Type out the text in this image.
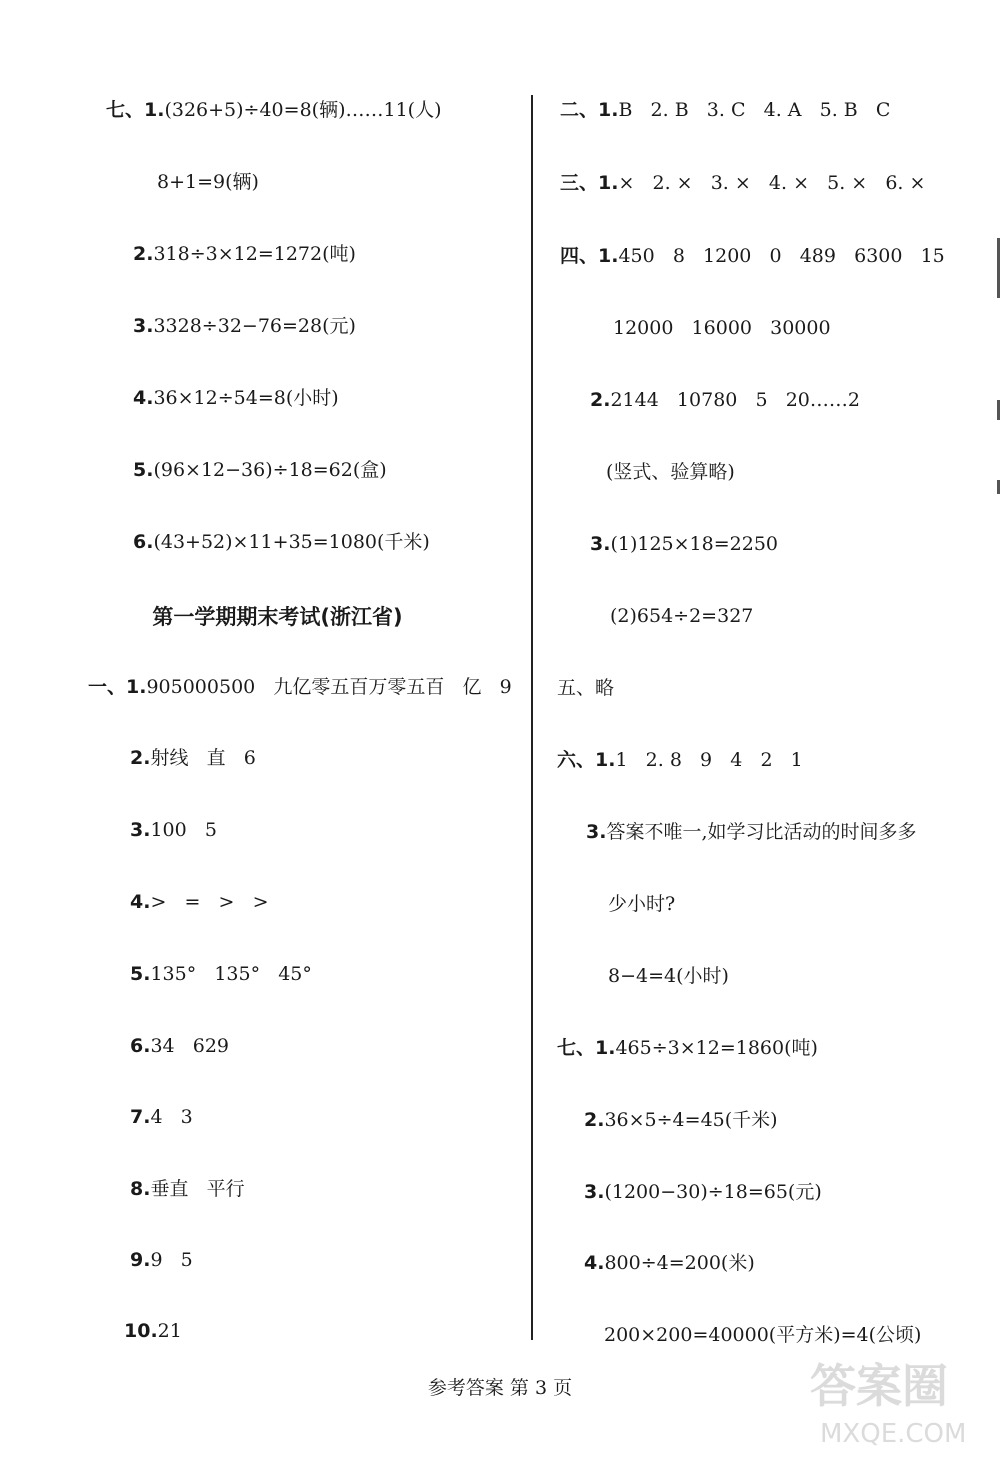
七、1.(326+5)÷40=8(辆)……11(人)
8+1=9(辆)
2.318÷3×12=1272(吨)
3.3328÷32−76=28(元)
4.36×12÷54=8(小时)
5.(96×12−36)÷18=62(盒)
6.(43+52)×11+35=1080(千米)
第一学期期末考试(浙江省)
一、1.905000500   九亿零五百万零五百   亿   9
2.射线   直   6
3.100   5
4.>   =   >   >
5.135°   135°   45°
6.34   629
7.4   3
8.垂直   平行
9.9   5
10.21
二、1.B   2. B   3. C   4. A   5. B   C
三、1.×   2. ×   3. ×   4. ×   5. ×   6. ×
四、1.450   8   1200   0   489   6300   15
12000   16000   30000
2.2144   10780   5   20……2
(竖式、验算略)
3.(1)125×18=2250
(2)654÷2=327
五、略
六、1.1   2. 8   9   4   2   1
3.答案不唯一,如学习比活动的时间多多
少小时?
8−4=4(小时)
七、1.465÷3×12=1860(吨)
2.36×5÷4=45(千米)
3.(1200−30)÷18=65(元)
4.800÷4=200(米)
200×200=40000(平方米)=4(公顷)
参考答案 第 3 页	答案圈
MXQE.COM
